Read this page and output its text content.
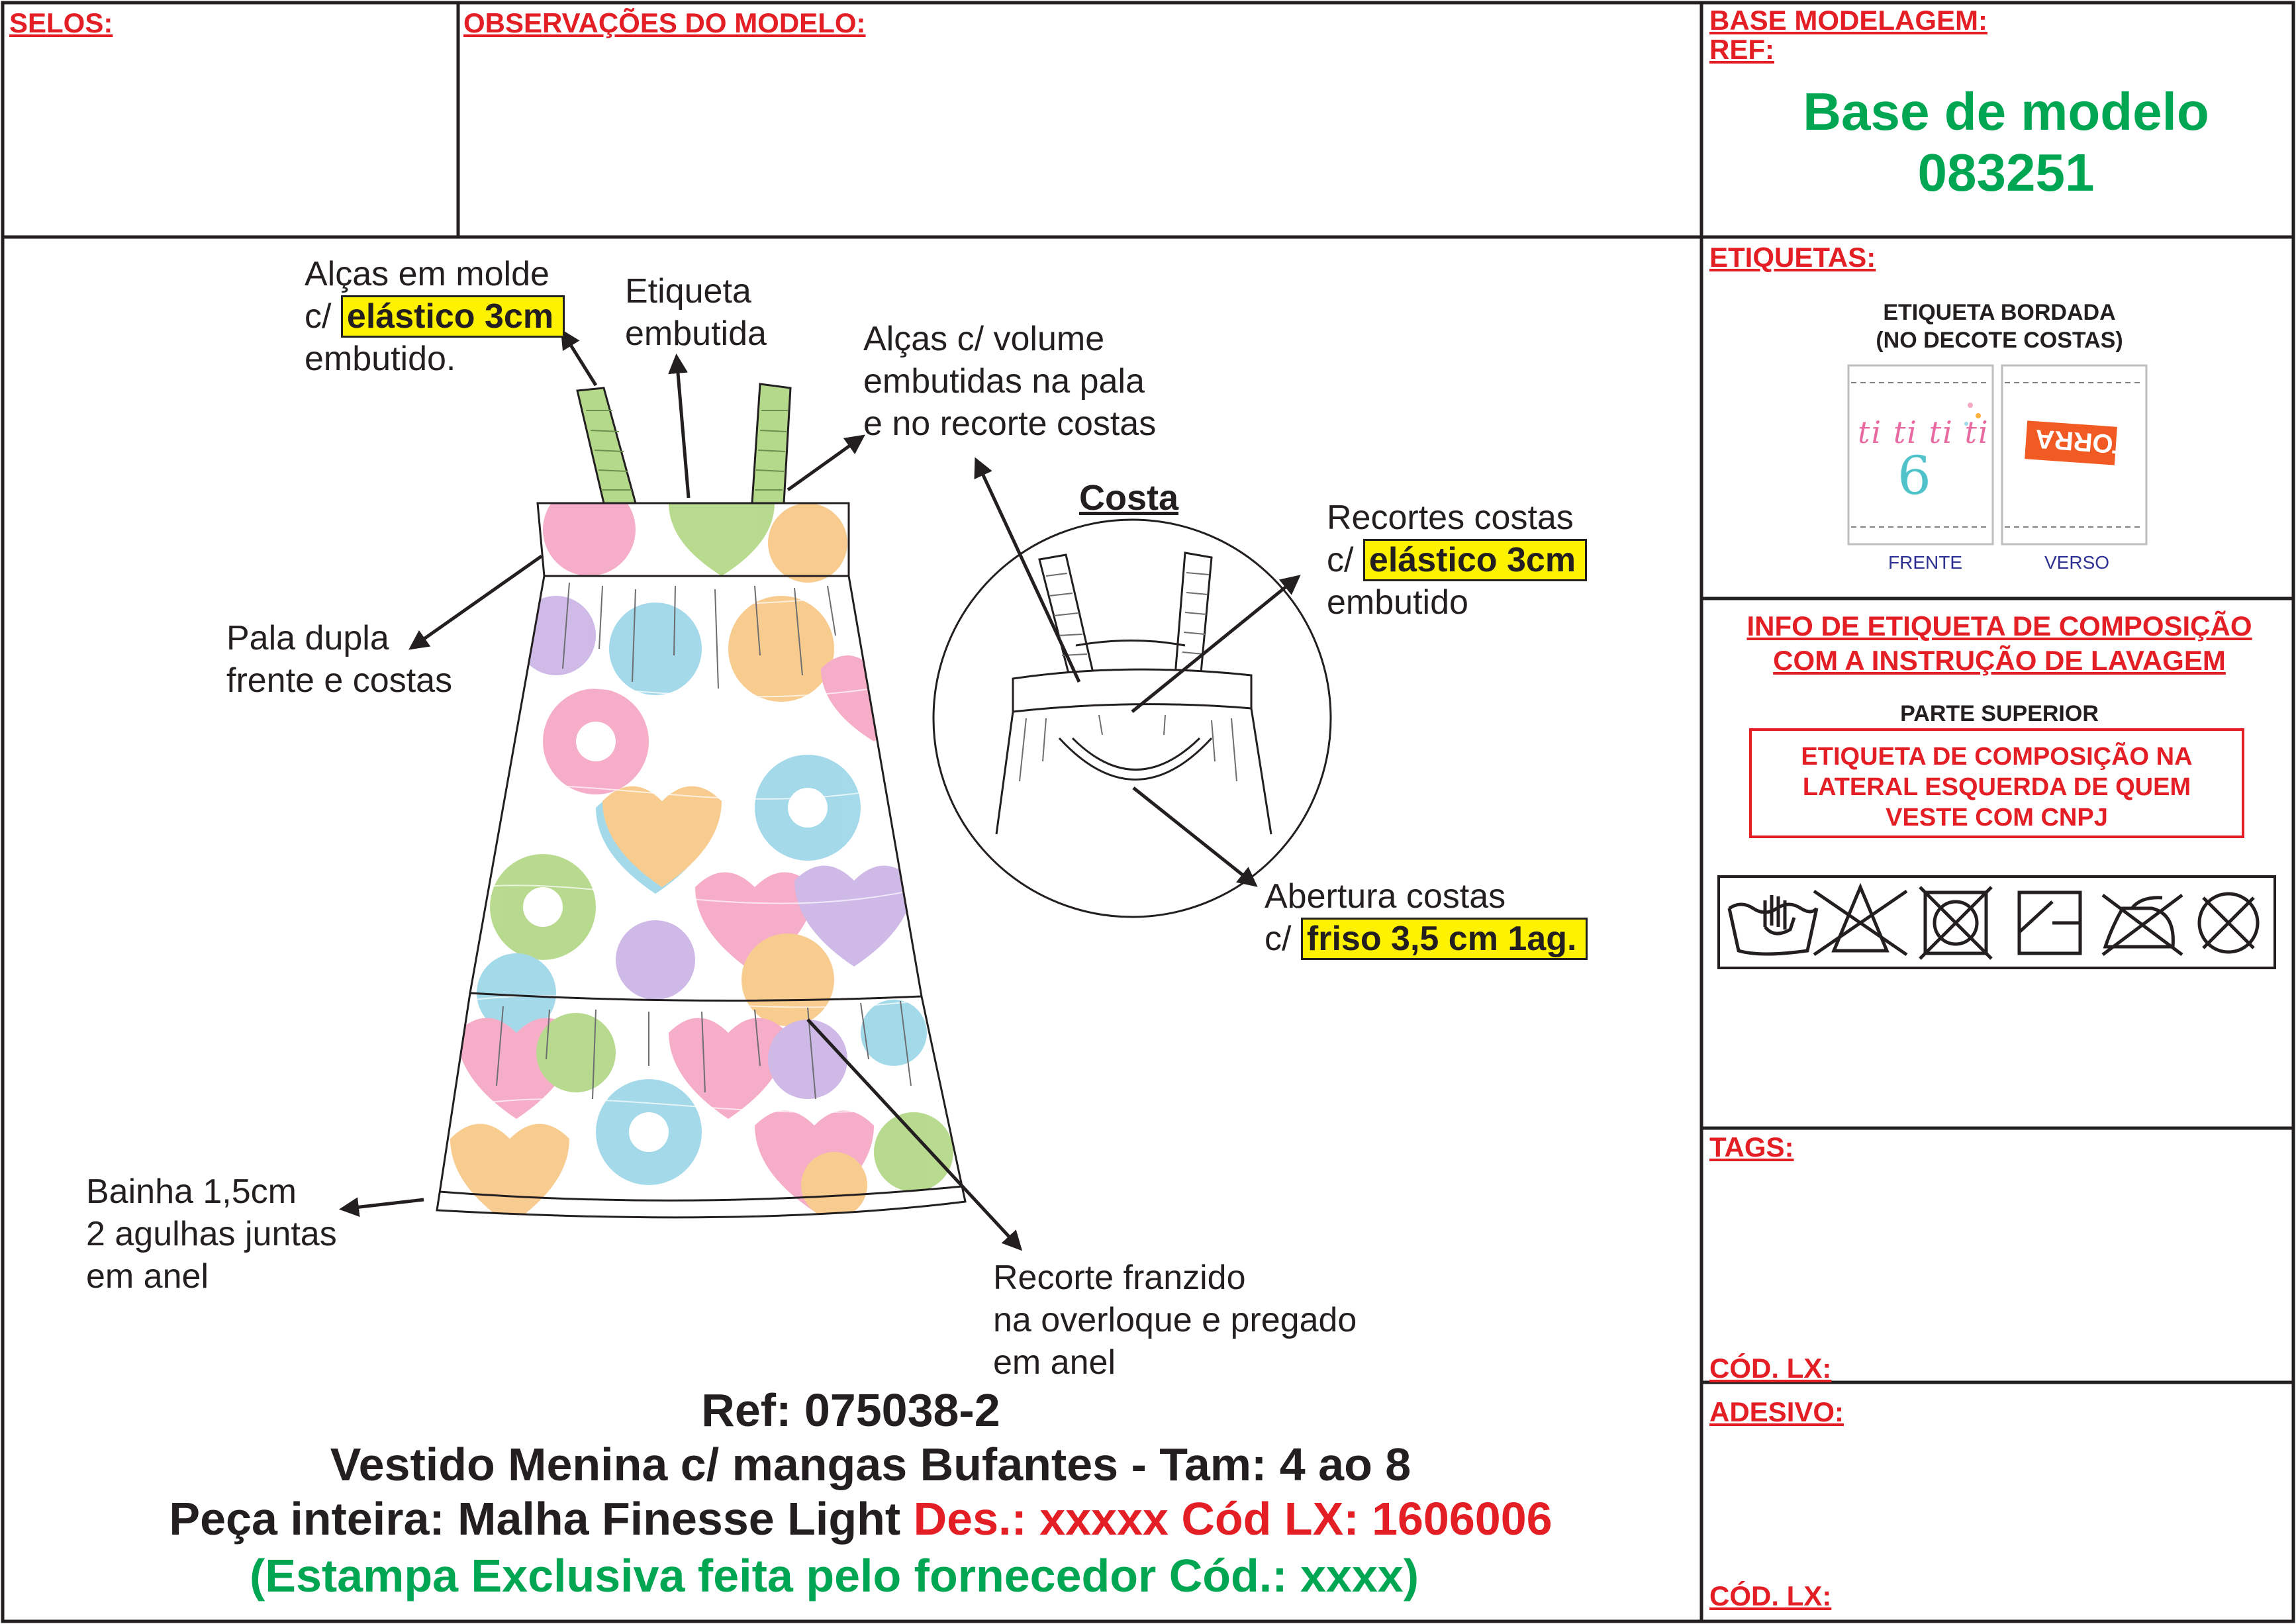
SELOS:	OBSERVAÇÕES DO MODELO:	BASE MODELAGEM:
REF:
Base de modelo
083251
Alças em molde
c/ elástico 3cm
embutido.
Etiqueta
embutida	Alças c/ volume
embutidas na pala
e no recorte costas
Pala dupla
frente e costas
Costa	Recortes costas
c/ elástico 3cm
embutido
Abertura costas
c/ friso 3,5 cm 1ag.
Bainha 1,5cm
2 agulhas juntas
em anel	Recorte franzido
na overloque e pregado
em anel
Ref: 075038-2
Vestido Menina c/ mangas Bufantes - Tam: 4 ao 8
Peça inteira: Malha Finesse Light Des.: xxxxx Cód LX: 1606006
(Estampa Exclusiva feita pelo fornecedor Cód.: xxxx)
ETIQUETAS:
ETIQUETA BORDADA
(NO DECOTE COSTAS)
ti ti ti ti
6
TORRA
FRENTE	VERSO
INFO DE ETIQUETA DE COMPOSIÇÃO
COM A INSTRUÇÃO DE LAVAGEM
PARTE SUPERIOR
ETIQUETA DE COMPOSIÇÃO NA
LATERAL ESQUERDA DE QUEM
VESTE COM CNPJ
TAGS:
CÓD. LX:
ADESIVO:
CÓD. LX:
